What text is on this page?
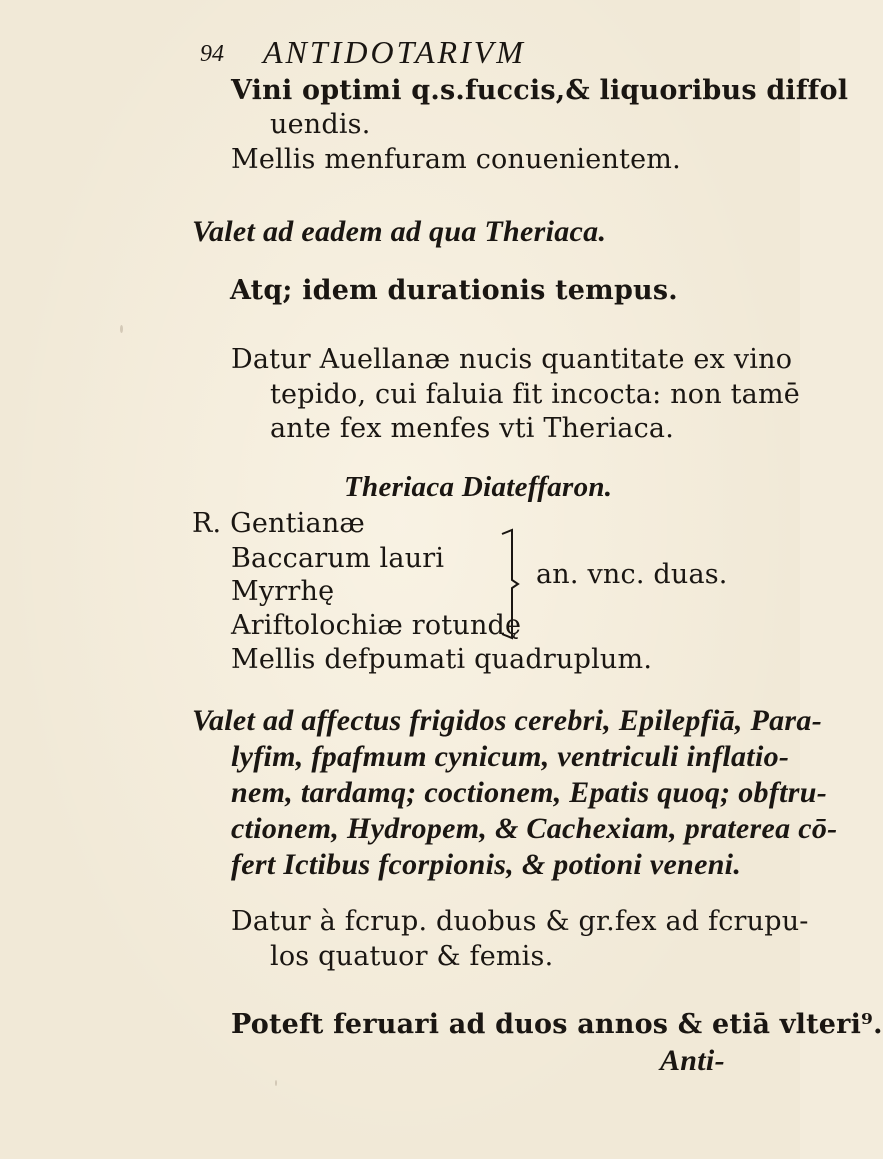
94 ANTIDOTARIVM
Vini optimi q.s.fuccis,& liquoribus diffol
uendis.
Mellis menfuram conuenientem.
Valet ad eadem ad qua Theriaca.
Atq; idem durationis tempus.
Datur Auellanæ nucis quantitate ex vino
tepido, cui faluia fit incocta: non tamē
ante fex menfes vti Theriaca.
Theriaca Diateffaron.
R. Gentianæ
Baccarum lauri
Myrrhę
Ariftolochiæ rotundę
Mellis defpumati quadruplum.
an. vnc. duas.
Valet ad affectus frigidos cerebri, Epilepfiā, Para-
lyfim, fpafmum cynicum, ventriculi inflatio-
nem, tardamq; coctionem, Epatis quoq; obftru-
ctionem, Hydropem, & Cachexiam, praterea cō-
fert Ictibus fcorpionis, & potioni veneni.
Datur à fcrup. duobus & gr.fex ad fcrupu-
los quatuor & femis.
Poteft feruari ad duos annos & etiā vlteri⁹.
Anti-
